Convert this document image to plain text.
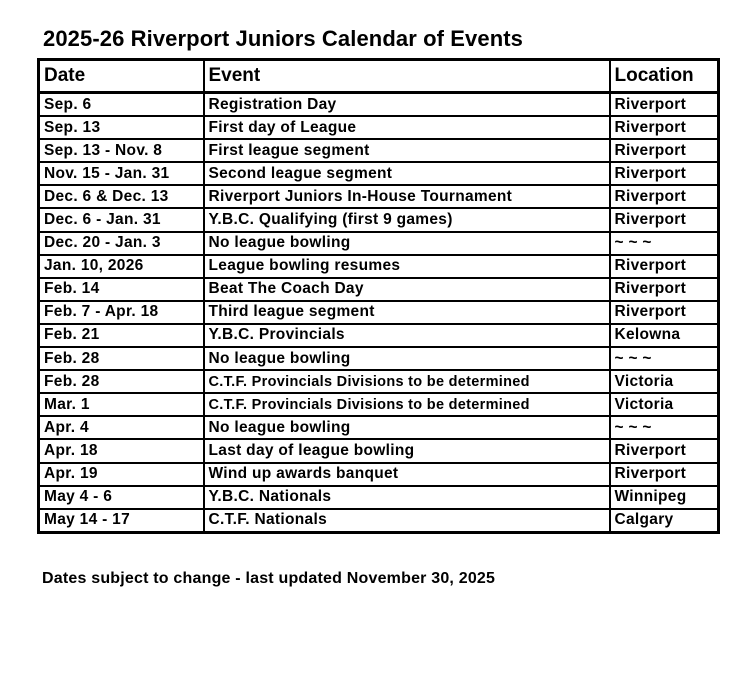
2025-26 Riverport Juniors Calendar of Events
Date	Event	Location
Sep. 6	Registration Day	Riverport
Sep. 13	First day of League	Riverport
Sep. 13 - Nov. 8	First league segment	Riverport
Nov. 15 - Jan. 31	Second league segment	Riverport
Dec. 6 & Dec. 13	Riverport Juniors In-House Tournament	Riverport
Dec. 6 - Jan. 31	Y.B.C. Qualifying (first 9 games)	Riverport
Dec. 20 - Jan. 3	No league bowling	~ ~ ~
Jan. 10, 2026	League bowling resumes	Riverport
Feb. 14	Beat The Coach Day	Riverport
Feb. 7 - Apr. 18	Third league segment	Riverport
Feb. 21	Y.B.C. Provincials	Kelowna
Feb. 28	No league bowling	~ ~ ~
Feb. 28	C.T.F. Provincials Divisions to be determined	Victoria
Mar. 1	C.T.F. Provincials Divisions to be determined	Victoria
Apr. 4	No league bowling	~ ~ ~
Apr. 18	Last day of league bowling	Riverport
Apr. 19	Wind up awards banquet	Riverport
May 4 - 6	Y.B.C. Nationals	Winnipeg
May 14 - 17	C.T.F. Nationals	Calgary
Dates subject to change - last updated November 30, 2025
